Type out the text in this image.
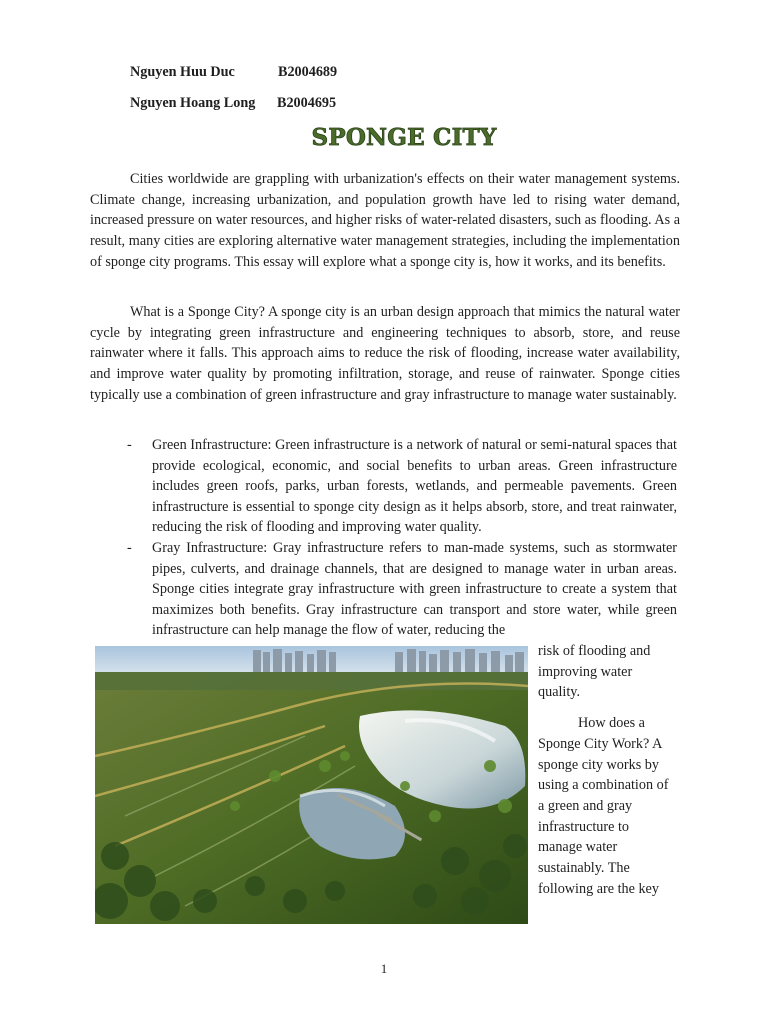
Nguyen Huu Duc	B2004689
Nguyen Hoang Long	B2004695
SPONGE CITY

Cities worldwide are grappling with urbanization's effects on their water management systems. Climate change, increasing urbanization, and population growth have led to rising water demand, increased pressure on water resources, and higher risks of water-related disasters, such as flooding. As a result, many cities are exploring alternative water management strategies, including the implementation of sponge city programs. This essay will explore what a sponge city is, how it works, and its benefits.

What is a Sponge City? A sponge city is an urban design approach that mimics the natural water cycle by integrating green infrastructure and engineering techniques to absorb, store, and reuse rainwater where it falls. This approach aims to reduce the risk of flooding, increase water availability, and improve water quality by promoting infiltration, storage, and reuse of rainwater. Sponge cities typically use a combination of green infrastructure and gray infrastructure to manage water sustainably.

- Green Infrastructure: Green infrastructure is a network of natural or semi-natural spaces that provide ecological, economic, and social benefits to urban areas. Green infrastructure includes green roofs, parks, urban forests, wetlands, and permeable pavements. Green infrastructure is essential to sponge city design as it helps absorb, store, and treat rainwater, reducing the risk of flooding and improving water quality.
- Gray Infrastructure: Gray infrastructure refers to man-made systems, such as stormwater pipes, culverts, and drainage channels, that are designed to manage water in urban areas. Sponge cities integrate gray infrastructure with green infrastructure to create a system that maximizes both benefits. Gray infrastructure can transport and store water, while green infrastructure can help manage the flow of water, reducing the
risk of flooding and
improving water
quality.
How does a
Sponge City Work? A
sponge city works by
using a combination of
a green and gray
infrastructure to
manage water
sustainably. The
following are the key
1
